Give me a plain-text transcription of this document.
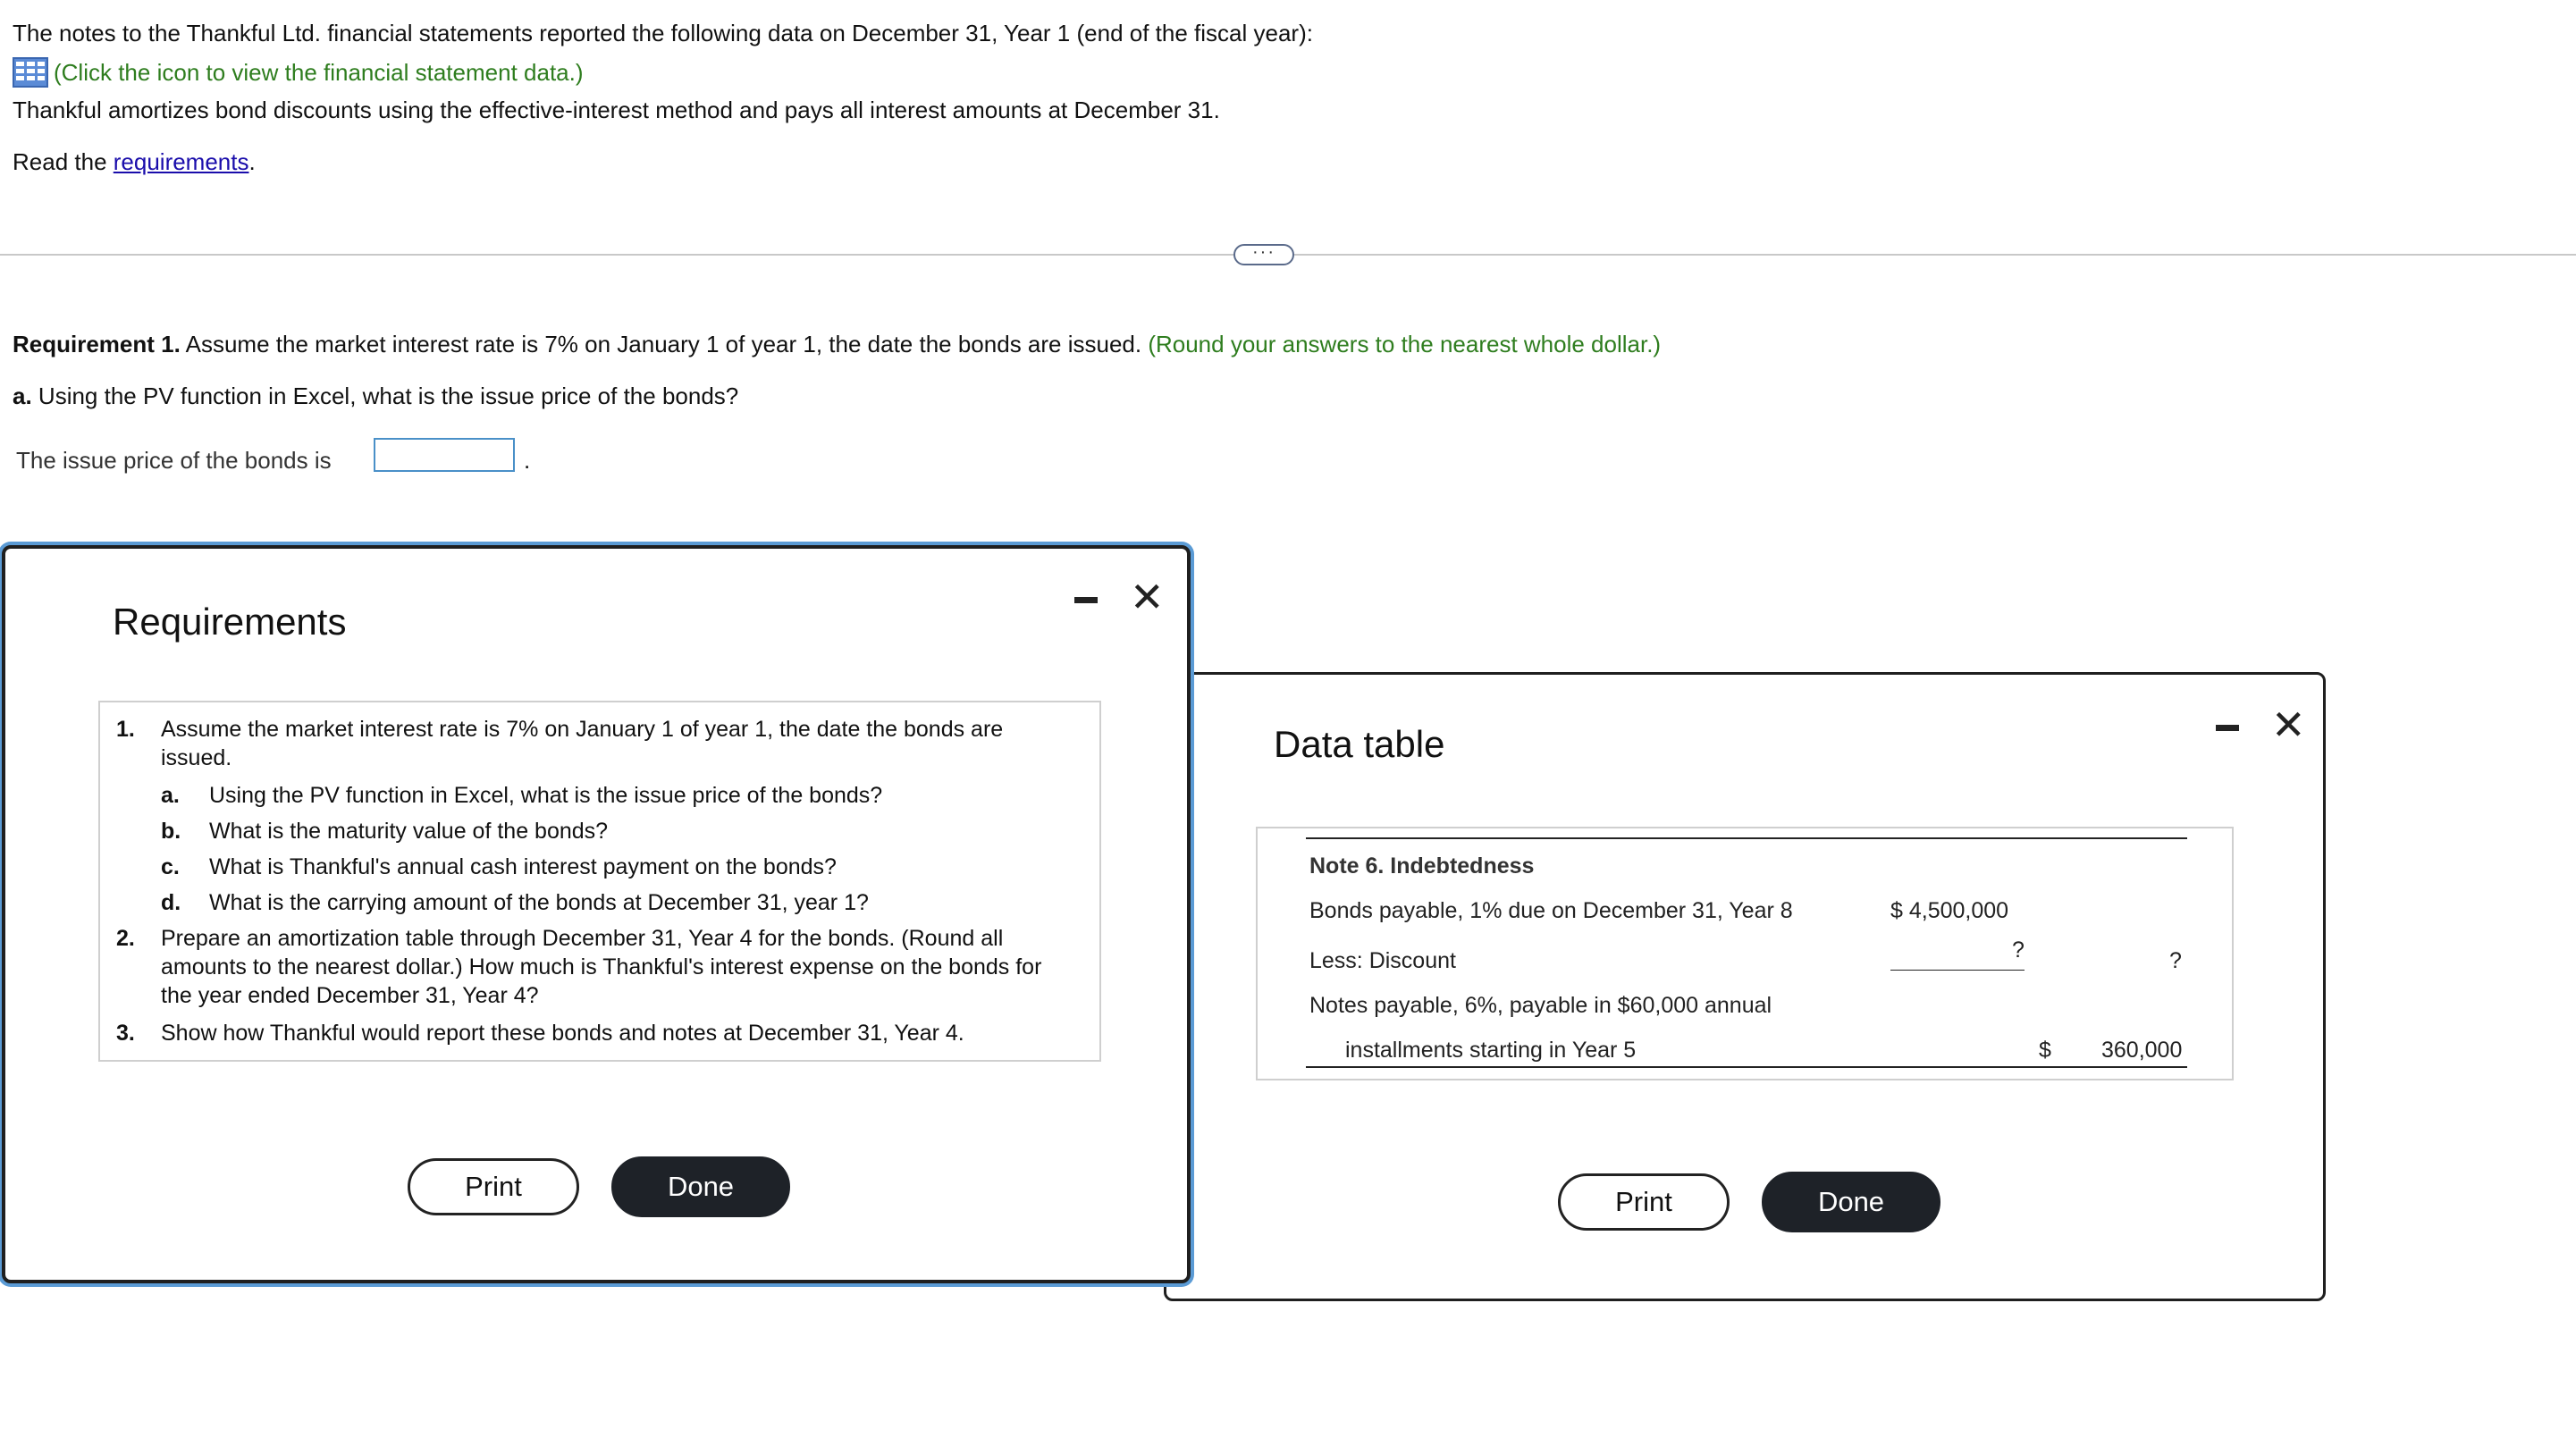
The notes to the Thankful Ltd. financial statements reported the following data on December 31, Year 1 (end of the fiscal year):
(Click the icon to view the financial statement data.)
Thankful amortizes bond discounts using the effective-interest method and pays all interest amounts at December 31.
Read the requirements.
···
Requirement 1. Assume the market interest rate is 7% on January 1 of year 1, the date the bonds are issued. (Round your answers to the nearest whole dollar.)
a. Using the PV function in Excel, what is the issue price of the bonds?
The issue price of the bonds is	.
Data table	✕
Note 6. Indebtedness
Bonds payable, 1% due on December 31, Year 8	$ 4,500,000
Less: Discount	?	?
Notes payable, 6%, payable in $60,000 annual
installments starting in Year 5	$ 360,000
Print	Done
Requirements
✕
1. Assume the market interest rate is 7% on January 1 of year 1, the date the bonds are
issued.
a. Using the PV function in Excel, what is the issue price of the bonds?
b. What is the maturity value of the bonds?
c. What is Thankful's annual cash interest payment on the bonds?
d. What is the carrying amount of the bonds at December 31, year 1?
2. Prepare an amortization table through December 31, Year 4 for the bonds. (Round all
amounts to the nearest dollar.) How much is Thankful's interest expense on the bonds for
the year ended December 31, Year 4?
3. Show how Thankful would report these bonds and notes at December 31, Year 4.
Print	Done
